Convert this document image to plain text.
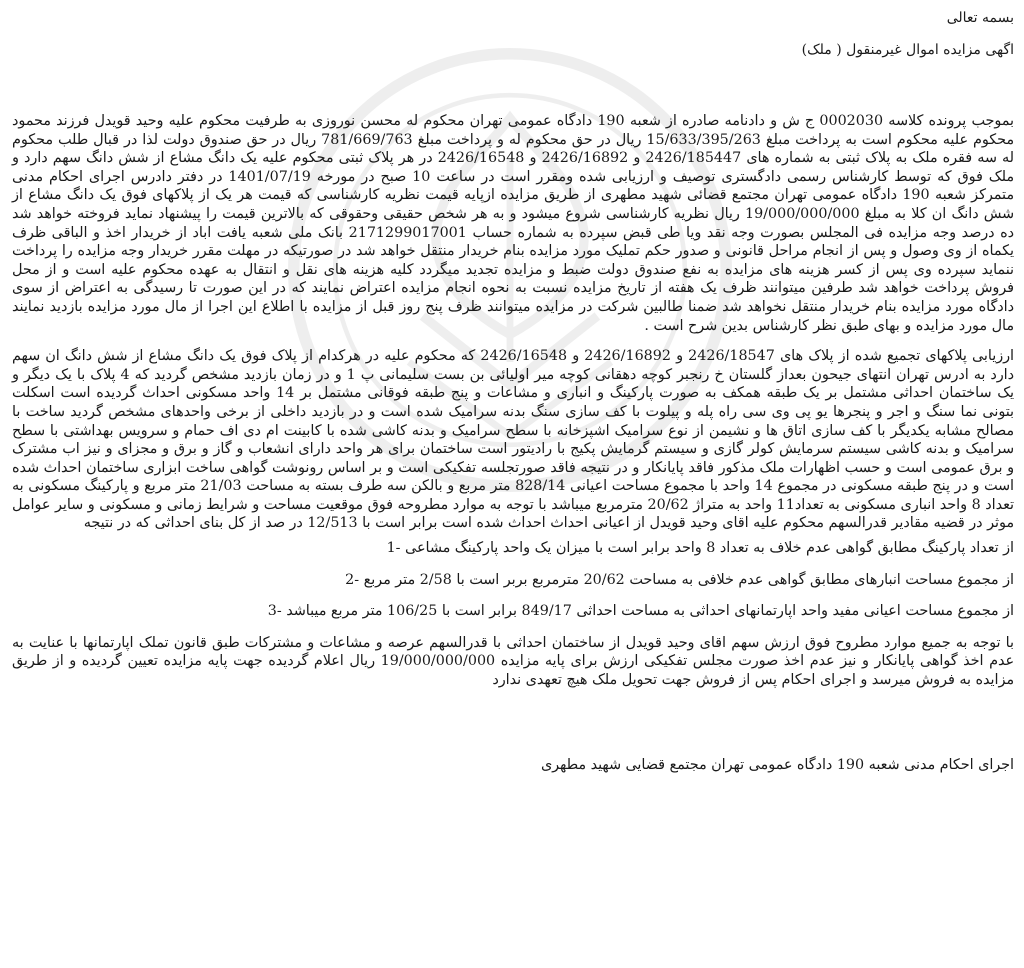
بسمه تعالی
اگهی مزایده اموال غیرمنقول ( ملک)

بموجب پرونده کلاسه 0002030 ج ش و دادنامه صادره از شعبه 190 دادگاه عمومی تهران محکوم له محسن نوروزی به طرفیت محکوم علیه وحید قویدل فرزند محمود محکوم علیه محکوم است به پرداخت مبلغ 15/633/395/263 ریال در حق محکوم له و پرداخت مبلغ 781/669/763 ریال در حق صندوق دولت لذا در قبال طلب محکوم له سه فقره ملک به پلاک ثبتی به شماره های 2426/185447 و 2426/16892 و 2426/16548 در هر پلاک ثبتی محکوم علیه یک دانگ مشاع از شش دانگ سهم دارد و ملک فوق که توسط کارشناس رسمی دادگستری توصیف و ارزیابی شده ومقرر است در ساعت 10 صبح در مورخه 1401/07/19 در دفتر دادرس اجرای احکام مدنی متمرکز شعبه 190 دادگاه عمومی تهران مجتمع قضائی شهید مطهری از طریق مزایده ازپایه قیمت نظریه کارشناسی که قیمت هر یک از پلاکهای فوق یک دانگ مشاع از شش دانگ ان کلا به مبلغ 19/000/000/000 ریال نظریه کارشناسی شروع میشود و به هر شخص حقیقی وحقوقی که بالاترین قیمت را پیشنهاد نماید فروخته خواهد شد ده درصد وجه مزایده فی المجلس بصورت وجه نقد ویا طی قبض سپرده به شماره حساب 2171299017001 بانک ملی شعبه یافت اباد از خریدار اخذ و الباقی ظرف یکماه از وی وصول و پس از انجام مراحل قانونی و صدور حکم تملیک مورد مزایده بنام خریدار منتقل خواهد شد در صورتیکه در مهلت مقرر خریدار وجه مزایده را پرداخت ننماید سپرده وی پس از کسر هزینه های مزایده به نفع صندوق دولت ضبط و مزایده تجدید میگردد کلیه هزینه های نقل و انتقال به عهده محکوم علیه است و از محل فروش پرداخت خواهد شد طرفین میتوانند ظرف یک هفته از تاریخ مزایده نسبت به نحوه انجام مزایده اعتراض نمایند که در این صورت تا رسیدگی به اعتراض از سوی دادگاه مورد مزایده بنام خریدار منتقل نخواهد شد ضمنا طالبین شرکت در مزایده میتوانند ظرف پنج روز قبل از مزایده با اطلاع این اجرا از مال مورد مزایده بازدید نمایند مال مورد مزایده و بهای طبق نظر کارشناس بدین شرح است .

ارزیابی پلاکهای تجمیع شده از پلاک های 2426/18547 و 2426/16892 و 2426/16548 که محکوم علیه در هرکدام از پلاک فوق یک دانگ مشاع از شش دانگ ان سهم دارد به ادرس تهران انتهای جیحون بعداز گلستان خ رنجبر کوچه دهقانی کوچه میر اولیائی بن بست سلیمانی پ 1 و در زمان بازدید مشخص گردید که 4 پلاک با یک دیگر و یک ساختمان احداثی مشتمل بر یک طبقه همکف به صورت پارکینگ و انباری و مشاعات و پنج طبقه فوقانی مشتمل بر 14 واحد مسکونی احداث گردیده است اسکلت بتونی نما سنگ و اجر و پنجرها یو پی وی سی راه پله و پیلوت با کف سازی سنگ بدنه سرامیک شده است و در بازدید داخلی از برخی واحدهای مشخص گردید ساخت با مصالح مشابه یکدیگر با کف سازی اتاق ها و نشیمن از نوع سرامیک اشپزخانه با سطح سرامیک و بدنه کاشی شده با کابینت ام دی اف حمام و سرویس بهداشتی با سطح سرامیک و بدنه کاشی سیستم سرمایش کولر گازی و سیستم گرمایش پکیج با رادیتور است ساختمان برای هر واحد دارای انشعاب و گاز و برق و مجزای و نیز اب مشترک و برق عمومی است و حسب اظهارات ملک مذکور فاقد پایانکار و در نتیجه فاقد صورتجلسه تفکیکی است و بر اساس رونوشت گواهی ساخت ابزاری ساختمان احداث شده است و در پنج طبقه مسکونی در مجموع 14 واحد با مجموع مساحت اعیانی 828/14 متر مربع و بالکن سه طرف بسته به مساحت 21/03 متر مربع و پارکینگ مسکونی به تعداد 8 واحد انباری مسکونی به تعداد11 واحد به متراژ 20/62 مترمربع میباشد با توجه به موارد مطروحه فوق موقعیت مساحت و شرایط زمانی و مسکونی و سایر عوامل موثر در قضیه مقادیر قدرالسهم محکوم علیه اقای وحید قویدل از اعیانی احداث احداث شده است برابر است با 12/513 در صد از کل بنای احداثی که در نتیجه

از تعداد پارکینگ مطابق گواهی عدم خلاف به تعداد 8 واحد برابر است با میزان یک واحد پارکینگ مشاعی -1

از مجموع مساحت انبارهای مطابق گواهی عدم خلافی به مساحت 20/62 مترمربع بربر است با 2/58 متر مربع -2

از مجموع مساحت اعیانی مفید واحد اپارتمانهای احداثی به مساحت احداثی 849/17 برابر است با 106/25 متر مربع میباشد -3

با توجه به جمیع موارد مطروح فوق ارزش سهم اقای وحید قویدل از ساختمان احداثی با قدرالسهم عرصه و مشاعات و مشترکات طبق قانون تملک اپارتمانها با عنایت به عدم اخذ گواهی پایانکار و نیز عدم اخذ صورت مجلس تفکیکی ارزش برای پایه مزایده 19/000/000/000 ریال اعلام گردیده جهت پایه مزایده تعیین گردیده و از طریق مزایده به فروش میرسد و اجرای احکام پس از فروش جهت تحویل ملک هیچ تعهدی ندارد

اجرای احکام مدنی شعبه 190 دادگاه عمومی تهران مجتمع قضایی شهید مطهری
